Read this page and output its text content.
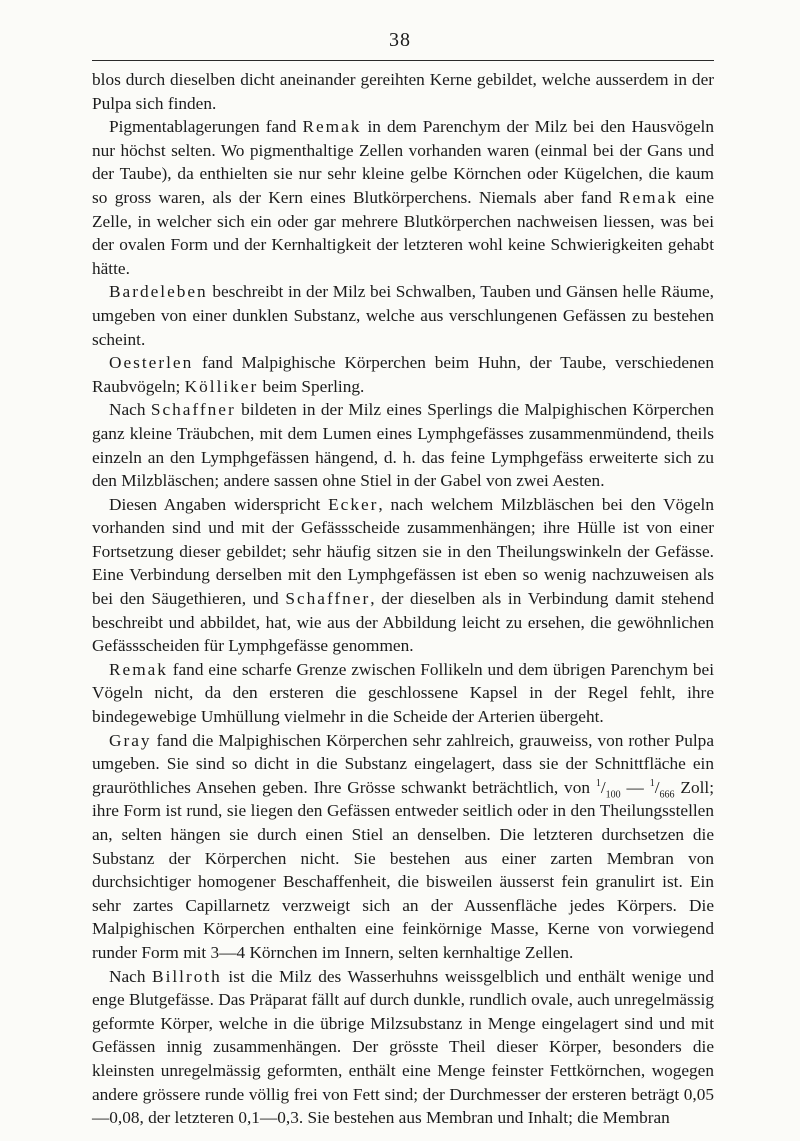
38

blos durch dieselben dicht aneinander gereihten Kerne gebildet, welche ausserdem in der Pulpa sich finden.

Pigmentablagerungen fand Remak in dem Parenchym der Milz bei den Hausvögeln nur höchst selten. Wo pigmenthaltige Zellen vorhanden waren (einmal bei der Gans und der Taube), da enthielten sie nur sehr kleine gelbe Körnchen oder Kügelchen, die kaum so gross waren, als der Kern eines Blutkörperchens. Niemals aber fand Remak eine Zelle, in welcher sich ein oder gar mehrere Blutkörperchen nachweisen liessen, was bei der ovalen Form und der Kernhaltigkeit der letzteren wohl keine Schwierigkeiten gehabt hätte.

Bardeleben beschreibt in der Milz bei Schwalben, Tauben und Gänsen helle Räume, umgeben von einer dunklen Substanz, welche aus verschlungenen Gefässen zu bestehen scheint.

Oesterlen fand Malpighische Körperchen beim Huhn, der Taube, verschiedenen Raubvögeln; Kölliker beim Sperling.

Nach Schaffner bildeten in der Milz eines Sperlings die Malpighischen Körperchen ganz kleine Träubchen, mit dem Lumen eines Lymphgefässes zusammenmündend, theils einzeln an den Lymphgefässen hängend, d. h. das feine Lymphgefäss erweiterte sich zu den Milzbläschen; andere sassen ohne Stiel in der Gabel von zwei Aesten.

Diesen Angaben widerspricht Ecker, nach welchem Milzbläschen bei den Vögeln vorhanden sind und mit der Gefässscheide zusammenhängen; ihre Hülle ist von einer Fortsetzung dieser gebildet; sehr häufig sitzen sie in den Theilungswinkeln der Gefässe. Eine Verbindung derselben mit den Lymphgefässen ist eben so wenig nachzuweisen als bei den Säugethieren, und Schaffner, der dieselben als in Verbindung damit stehend beschreibt und abbildet, hat, wie aus der Abbildung leicht zu ersehen, die gewöhnlichen Gefässscheiden für Lymphgefässe genommen.

Remak fand eine scharfe Grenze zwischen Follikeln und dem übrigen Parenchym bei Vögeln nicht, da den ersteren die geschlossene Kapsel in der Regel fehlt, ihre bindegewebige Umhüllung vielmehr in die Scheide der Arterien übergeht.

Gray fand die Malpighischen Körperchen sehr zahlreich, grauweiss, von rother Pulpa umgeben. Sie sind so dicht in die Substanz eingelagert, dass sie der Schnittfläche ein grauröthliches Ansehen geben. Ihre Grösse schwankt beträchtlich, von $^1/_{100}$ — $^1/_{666}$ Zoll; ihre Form ist rund, sie liegen den Gefässen entweder seitlich oder in den Theilungsstellen an, selten hängen sie durch einen Stiel an denselben. Die letzteren durchsetzen die Substanz der Körperchen nicht. Sie bestehen aus einer zarten Membran von durchsichtiger homogener Beschaffenheit, die bisweilen äusserst fein granulirt ist. Ein sehr zartes Capillarnetz verzweigt sich an der Aussenfläche jedes Körpers. Die Malpighischen Körperchen enthalten eine feinkörnige Masse, Kerne von vorwiegend runder Form mit 3—4 Körnchen im Innern, selten kernhaltige Zellen.

Nach Billroth ist die Milz des Wasserhuhns weissgelblich und enthält wenige und enge Blutgefässe. Das Präparat fällt auf durch dunkle, rundlich ovale, auch unregelmässig geformte Körper, welche in die übrige Milzsubstanz in Menge eingelagert sind und mit Gefässen innig zusammenhängen. Der grösste Theil dieser Körper, besonders die kleinsten unregelmässig geformten, enthält eine Menge feinster Fettkörnchen, wogegen andere grössere runde völlig frei von Fett sind; der Durchmesser der ersteren beträgt 0,05—0,08, der letzteren 0,1—0,3. Sie bestehen aus Membran und Inhalt; die Membran
